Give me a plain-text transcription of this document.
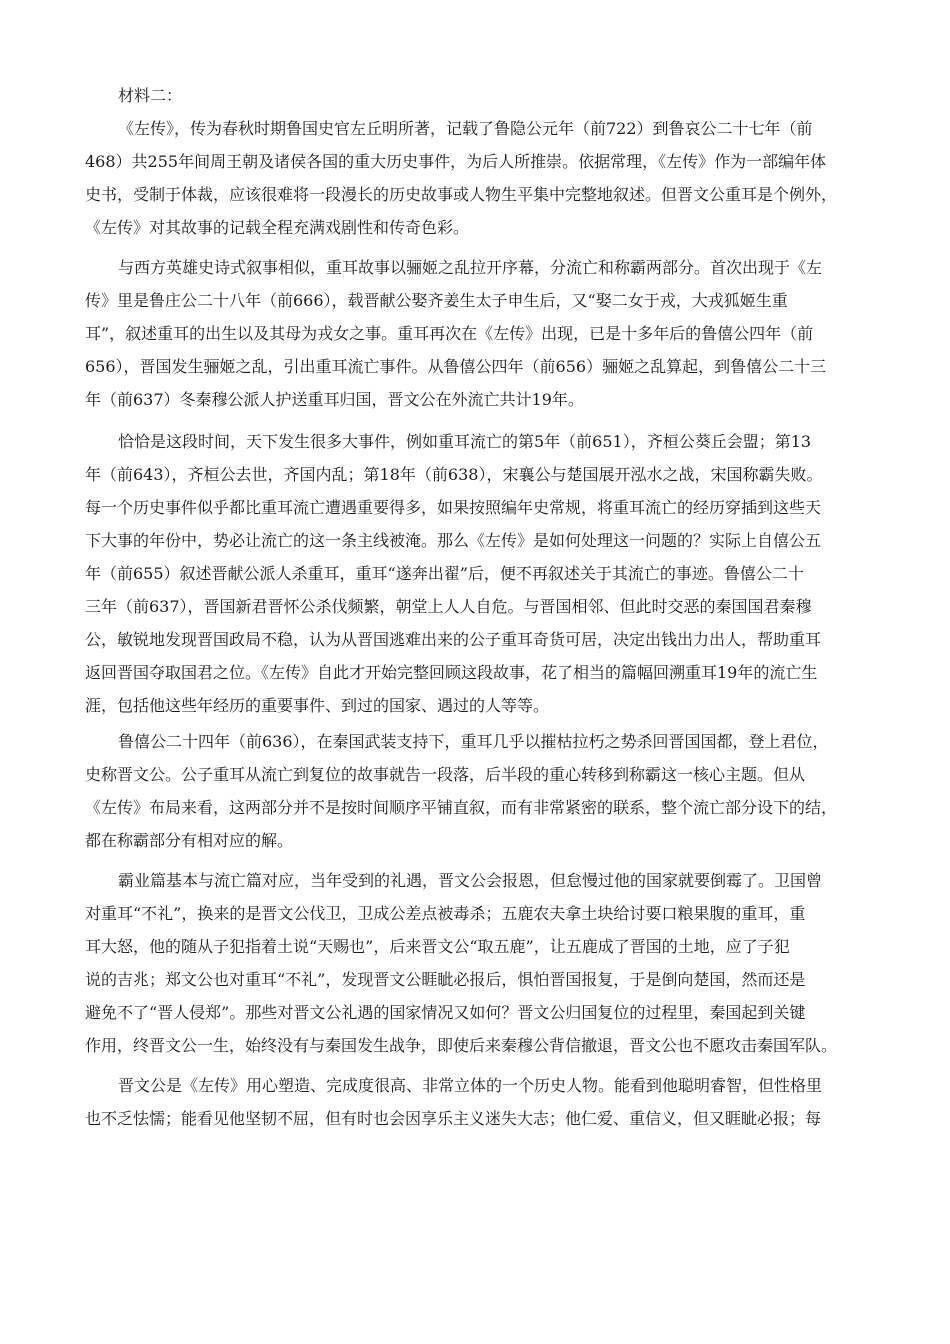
材料二：

《左传》，传为春秋时期鲁国史官左丘明所著，记载了鲁隐公元年（前722）到鲁哀公二十七年（前

468）共255年间周王朝及诸侯各国的重大历史事件，为后人所推崇。依据常理，《左传》作为一部编年体

史书，受制于体裁，应该很难将一段漫长的历史故事或人物生平集中完整地叙述。但晋文公重耳是个例外，

《左传》对其故事的记载全程充满戏剧性和传奇色彩。

与西方英雄史诗式叙事相似，重耳故事以骊姬之乱拉开序幕，分流亡和称霸两部分。首次出现于《左

传》里是鲁庄公二十八年（前666），载晋献公娶齐姜生太子申生后，又“娶二女于戎，大戎狐姬生重

耳”，叙述重耳的出生以及其母为戎女之事。重耳再次在《左传》出现，已是十多年后的鲁僖公四年（前

656），晋国发生骊姬之乱，引出重耳流亡事件。从鲁僖公四年（前656）骊姬之乱算起，到鲁僖公二十三

年（前637）冬秦穆公派人护送重耳归国，晋文公在外流亡共计19年。

恰恰是这段时间，天下发生很多大事件，例如重耳流亡的第5年（前651），齐桓公葵丘会盟；第13

年（前643），齐桓公去世，齐国内乱；第18年（前638），宋襄公与楚国展开泓水之战，宋国称霸失败。

每一个历史事件似乎都比重耳流亡遭遇重要得多，如果按照编年史常规，将重耳流亡的经历穿插到这些天

下大事的年份中，势必让流亡的这一条主线被淹。那么《左传》是如何处理这一问题的？实际上自僖公五

年（前655）叙述晋献公派人杀重耳，重耳“遂奔出翟”后，便不再叙述关于其流亡的事迹。鲁僖公二十

三年（前637），晋国新君晋怀公杀伐频繁，朝堂上人人自危。与晋国相邻、但此时交恶的秦国国君秦穆

公，敏锐地发现晋国政局不稳，认为从晋国逃难出来的公子重耳奇货可居，决定出钱出力出人，帮助重耳

返回晋国夺取国君之位。《左传》自此才开始完整回顾这段故事，花了相当的篇幅回溯重耳19年的流亡生

涯，包括他这些年经历的重要事件、到过的国家、遇过的人等等。

鲁僖公二十四年（前636），在秦国武装支持下，重耳几乎以摧枯拉朽之势杀回晋国国都，登上君位，

史称晋文公。公子重耳从流亡到复位的故事就告一段落，后半段的重心转移到称霸这一核心主题。但从

《左传》布局来看，这两部分并不是按时间顺序平铺直叙，而有非常紧密的联系，整个流亡部分设下的结，

都在称霸部分有相对应的解。

霸业篇基本与流亡篇对应，当年受到的礼遇，晋文公会报恩，但怠慢过他的国家就要倒霉了。卫国曾

对重耳“不礼”，换来的是晋文公伐卫，卫成公差点被毒杀；五鹿农夫拿土块给讨要口粮果腹的重耳，重

耳大怒，他的随从子犯指着土说“天赐也”，后来晋文公“取五鹿”，让五鹿成了晋国的土地，应了子犯

说的吉兆；郑文公也对重耳“不礼”，发现晋文公睚眦必报后，惧怕晋国报复，于是倒向楚国，然而还是

避免不了“晋人侵郑”。那些对晋文公礼遇的国家情况又如何？晋文公归国复位的过程里，秦国起到关键

作用，终晋文公一生，始终没有与秦国发生战争，即使后来秦穆公背信撤退，晋文公也不愿攻击秦国军队。

晋文公是《左传》用心塑造、完成度很高、非常立体的一个历史人物。能看到他聪明睿智，但性格里

也不乏怯懦；能看见他坚韧不屈，但有时也会因享乐主义迷失大志；他仁爱、重信义，但又睚眦必报；每
